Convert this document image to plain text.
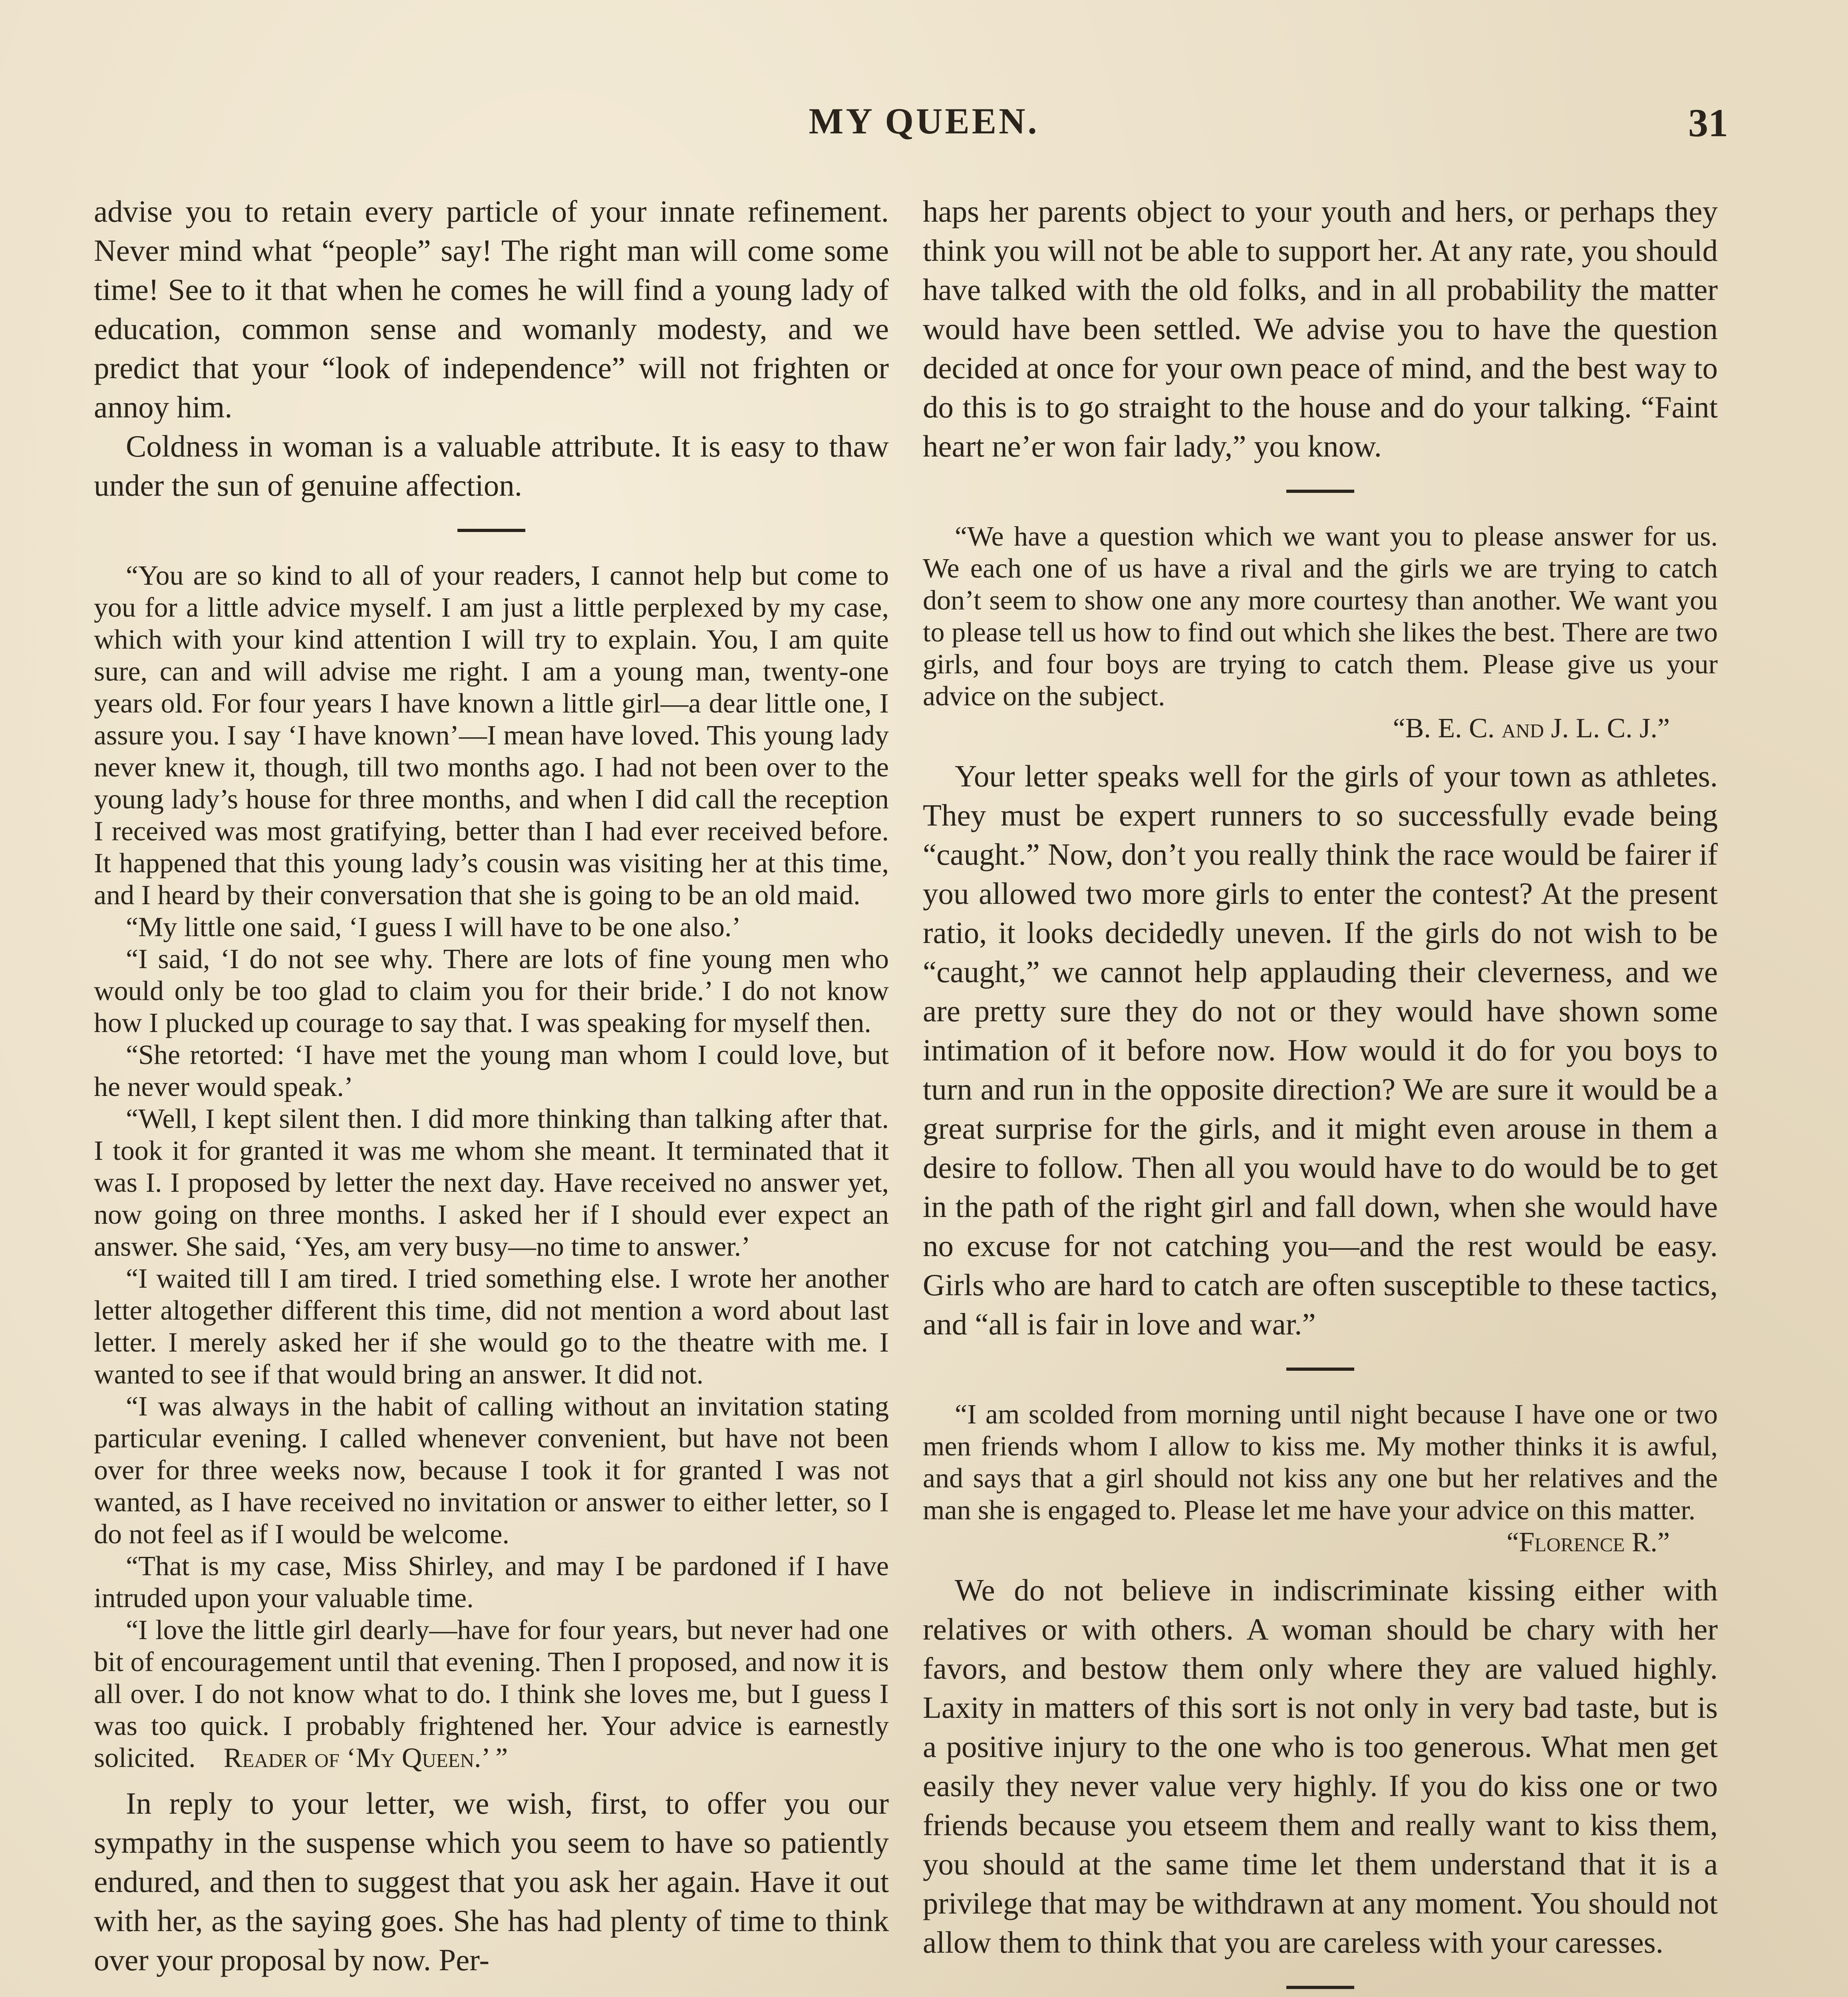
MY QUEEN.	31

advise you to retain every particle of your innate refinement. Never mind what “people” say! The right man will come some time! See to it that when he comes he will find a young lady of education, common sense and womanly modesty, and we predict that your “look of independence” will not frighten or annoy him.

Coldness in woman is a valuable attribute. It is easy to thaw under the sun of genuine affection.

“You are so kind to all of your readers, I cannot help but come to you for a little advice myself. I am just a little perplexed by my case, which with your kind attention I will try to explain. You, I am quite sure, can and will advise me right. I am a young man, twenty-one years old. For four years I have known a little girl—a dear little one, I assure you. I say ‘I have known’—I mean have loved. This young lady never knew it, though, till two months ago. I had not been over to the young lady’s house for three months, and when I did call the reception I received was most gratifying, better than I had ever received before. It happened that this young lady’s cousin was visiting her at this time, and I heard by their conversation that she is going to be an old maid.

“My little one said, ‘I guess I will have to be one also.’

“I said, ‘I do not see why. There are lots of fine young men who would only be too glad to claim you for their bride.’ I do not know how I plucked up courage to say that. I was speaking for myself then.

“She retorted: ‘I have met the young man whom I could love, but he never would speak.’

“Well, I kept silent then. I did more thinking than talking after that. I took it for granted it was me whom she meant. It terminated that it was I. I proposed by letter the next day. Have received no answer yet, now going on three months. I asked her if I should ever expect an answer. She said, ‘Yes, am very busy—no time to answer.’

“I waited till I am tired. I tried something else. I wrote her another letter altogether different this time, did not mention a word about last letter. I merely asked her if she would go to the theatre with me. I wanted to see if that would bring an answer. It did not.

“I was always in the habit of calling without an invitation stating particular evening. I called whenever convenient, but have not been over for three weeks now, because I took it for granted I was not wanted, as I have received no invitation or answer to either letter, so I do not feel as if I would be welcome.

“That is my case, Miss Shirley, and may I be pardoned if I have intruded upon your valuable time.

“I love the little girl dearly—have for four years, but never had one bit of encouragement until that evening. Then I proposed, and now it is all over. I do not know what to do. I think she loves me, but I guess I was too quick. I probably frightened her. Your advice is earnestly solicited. Reader of ‘My Queen.’ ”

In reply to your letter, we wish, first, to offer you our sympathy in the suspense which you seem to have so patiently endured, and then to suggest that you ask her again. Have it out with her, as the saying goes. She has had plenty of time to think over your proposal by now. Per-

haps her parents object to your youth and hers, or perhaps they think you will not be able to support her. At any rate, you should have talked with the old folks, and in all probability the matter would have been settled. We advise you to have the question decided at once for your own peace of mind, and the best way to do this is to go straight to the house and do your talking. “Faint heart ne’er won fair lady,” you know.

“We have a question which we want you to please answer for us. We each one of us have a rival and the girls we are trying to catch don’t seem to show one any more courtesy than another. We want you to please tell us how to find out which she likes the best. There are two girls, and four boys are trying to catch them. Please give us your advice on the subject.

“B. E. C. and J. L. C. J.”

Your letter speaks well for the girls of your town as athletes. They must be expert runners to so successfully evade being “caught.” Now, don’t you really think the race would be fairer if you allowed two more girls to enter the contest? At the present ratio, it looks decidedly uneven. If the girls do not wish to be “caught,” we cannot help applauding their cleverness, and we are pretty sure they do not or they would have shown some intimation of it before now. How would it do for you boys to turn and run in the opposite direction? We are sure it would be a great surprise for the girls, and it might even arouse in them a desire to follow. Then all you would have to do would be to get in the path of the right girl and fall down, when she would have no excuse for not catching you—and the rest would be easy. Girls who are hard to catch are often susceptible to these tactics, and “all is fair in love and war.”

“I am scolded from morning until night because I have one or two men friends whom I allow to kiss me. My mother thinks it is awful, and says that a girl should not kiss any one but her relatives and the man she is engaged to. Please let me have your advice on this matter.

“Florence R.”

We do not believe in indiscriminate kissing either with relatives or with others. A woman should be chary with her favors, and bestow them only where they are valued highly. Laxity in matters of this sort is not only in very bad taste, but is a positive injury to the one who is too generous. What men get easily they never value very highly. If you do kiss one or two friends because you etseem them and really want to kiss them, you should at the same time let them understand that it is a privilege that may be withdrawn at any moment. You should not allow them to think that you are careless with your caresses.
